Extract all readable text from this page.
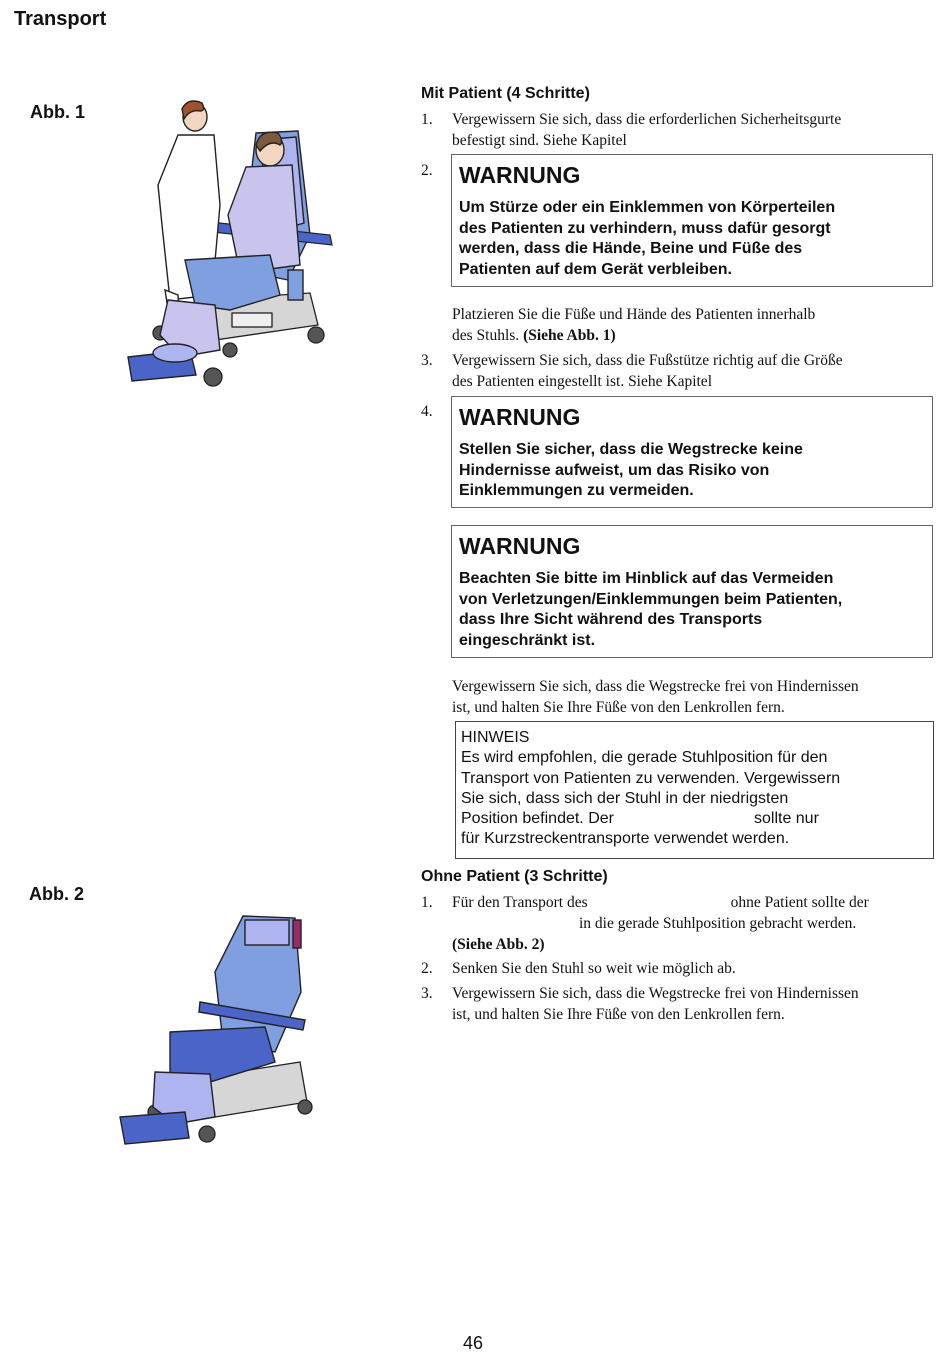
Transport
Abb. 1
Abb. 2
Mit Patient (4 Schritte)
1. Vergewissern Sie sich, dass die erforderlichen Sicherheitsgurte
befestigt sind. Siehe Kapitel
2. WARNUNG
Um Stürze oder ein Einklemmen von Körperteilen
des Patienten zu verhindern, muss dafür gesorgt
werden, dass die Hände, Beine und Füße des
Patienten auf dem Gerät verbleiben.
Platzieren Sie die Füße und Hände des Patienten innerhalb
des Stuhls. (Siehe Abb. 1)
3. Vergewissern Sie sich, dass die Fußstütze richtig auf die Größe
des Patienten eingestellt ist. Siehe Kapitel
4. WARNUNG
Stellen Sie sicher, dass die Wegstrecke keine
Hindernisse aufweist, um das Risiko von
Einklemmungen zu vermeiden.
WARNUNG
Beachten Sie bitte im Hinblick auf das Vermeiden
von Verletzungen/Einklemmungen beim Patienten,
dass Ihre Sicht während des Transports
eingeschränkt ist.
Vergewissern Sie sich, dass die Wegstrecke frei von Hindernissen
ist, und halten Sie Ihre Füße von den Lenkrollen fern.
HINWEIS
Es wird empfohlen, die gerade Stuhlposition für den
Transport von Patienten zu verwenden. Vergewissern
Sie sich, dass sich der Stuhl in der niedrigsten
Position befindet. Der	sollte nur
für Kurzstreckentransporte verwendet werden.
Ohne Patient (3 Schritte)
1. Für den Transport des	ohne Patient sollte der
in die gerade Stuhlposition gebracht werden.
(Siehe Abb. 2)
2. Senken Sie den Stuhl so weit wie möglich ab.
3. Vergewissern Sie sich, dass die Wegstrecke frei von Hindernissen
ist, und halten Sie Ihre Füße von den Lenkrollen fern.
46
